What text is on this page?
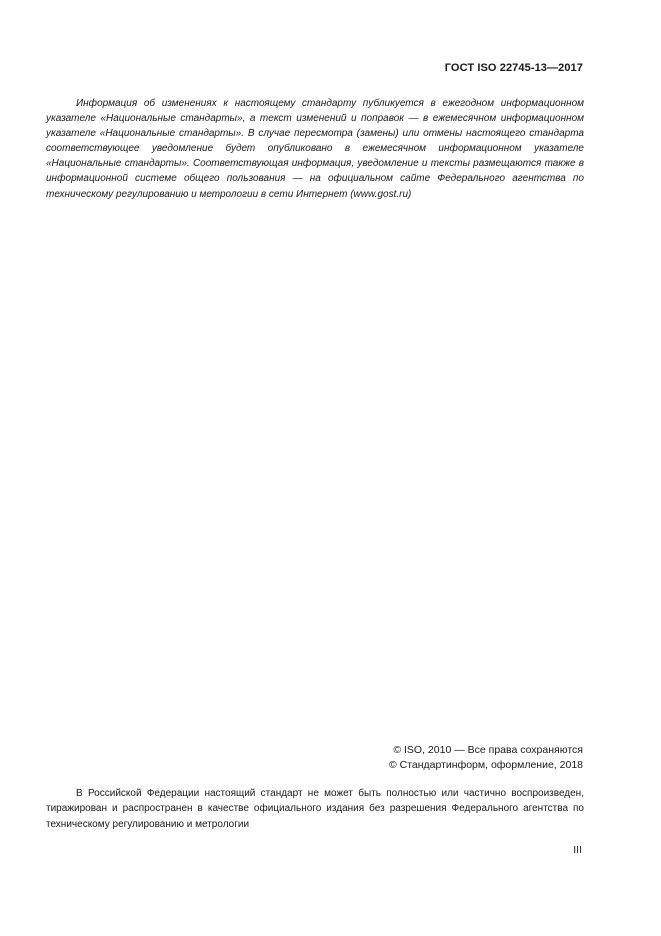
ГОСТ ISO 22745-13—2017

Информация об изменениях к настоящему стандарту публикуется в ежегодном информационном указателе «Национальные стандарты», а текст изменений и поправок — в ежемесячном информационном указателе «Национальные стандарты». В случае пересмотра (замены) или отмены настоящего стандарта соответствующее уведомление будет опубликовано в ежемесячном информационном указателе «Национальные стандарты». Соответствующая информация, уведомление и тексты размещаются также в информационной системе общего пользования — на официальном сайте Федерального агентства по техническому регулированию и метрологии в сети Интернет (www.gost.ru)

© ISO, 2010 — Все права сохраняются
© Стандартинформ, оформление, 2018

В Российской Федерации настоящий стандарт не может быть полностью или частично воспроизведен, тиражирован и распространен в качестве официального издания без разрешения Федерального агентства по техническому регулированию и метрологии

III
